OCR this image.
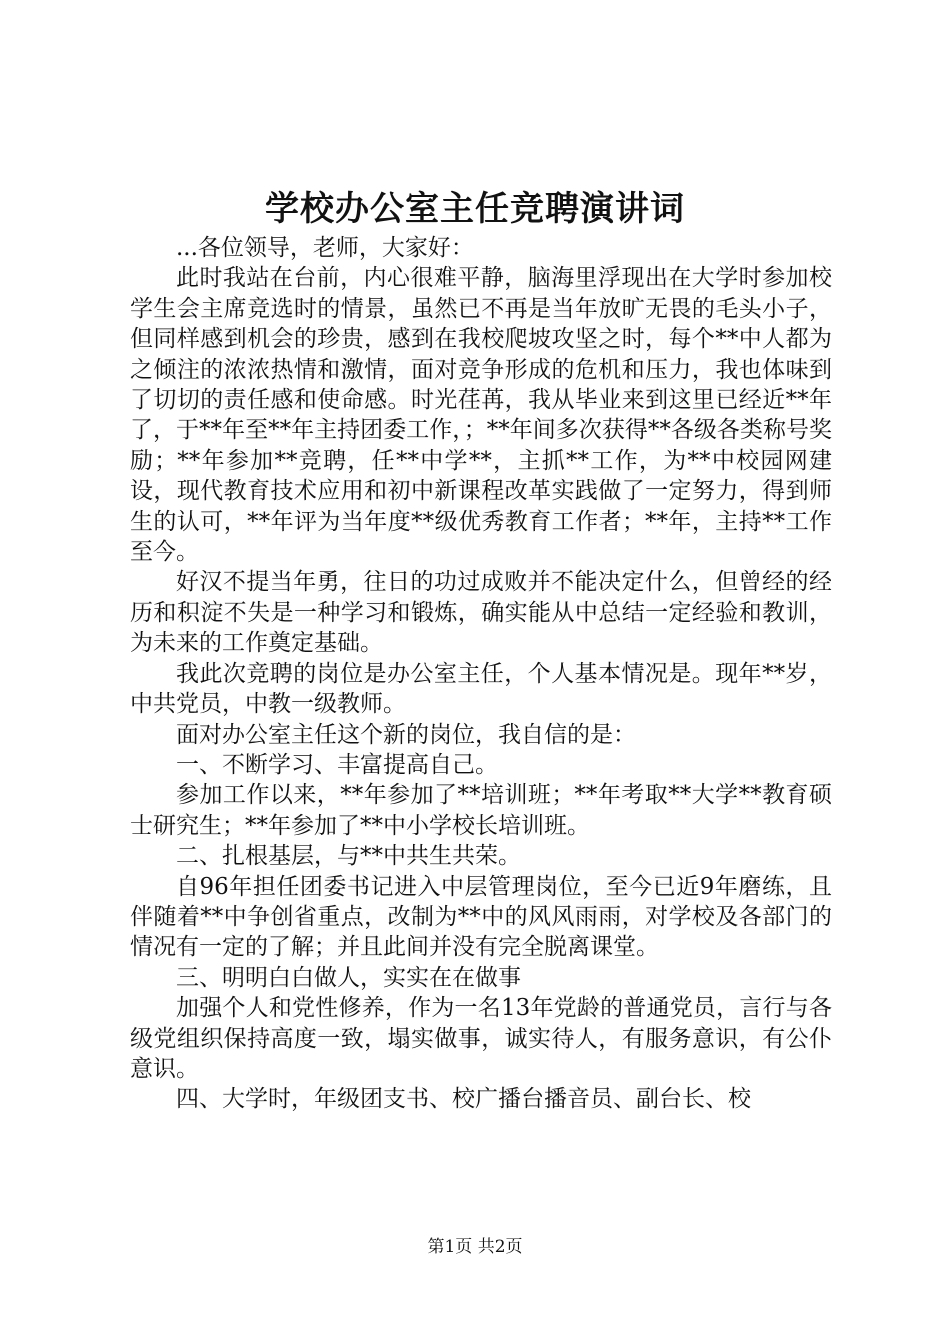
学校办公室主任竞聘演讲词

...各位领导，老师，大家好：

此时我站在台前，内心很难平静，脑海里浮现出在大学时参加校学生会主席竞选时的情景，虽然已不再是当年放旷无畏的毛头小子，但同样感到机会的珍贵，感到在我校爬坡攻坚之时，每个**中人都为之倾注的浓浓热情和激情，面对竞争形成的危机和压力，我也体味到了切切的责任感和使命感。时光荏苒，我从毕业来到这里已经近**年了，于**年至**年主持团委工作，；**年间多次获得**各级各类称号奖励；**年参加**竞聘，任**中学**，主抓**工作，为**中校园网建设，现代教育技术应用和初中新课程改革实践做了一定努力，得到师生的认可，**年评为当年度**级优秀教育工作者；**年，主持**工作至今。

好汉不提当年勇，往日的功过成败并不能决定什么，但曾经的经历和积淀不失是一种学习和锻炼，确实能从中总结一定经验和教训，为未来的工作奠定基础。

我此次竞聘的岗位是办公室主任，个人基本情况是。现年**岁，中共党员，中教一级教师。

面对办公室主任这个新的岗位，我自信的是：

一、不断学习、丰富提高自己。

参加工作以来，**年参加了**培训班；**年考取**大学**教育硕士研究生；**年参加了**中小学校长培训班。

二、扎根基层，与**中共生共荣。

自96年担任团委书记进入中层管理岗位，至今已近9年磨练，且伴随着**中争创省重点，改制为**中的风风雨雨，对学校及各部门的情况有一定的了解；并且此间并没有完全脱离课堂。

三、明明白白做人，实实在在做事

加强个人和党性修养，作为一名13年党龄的普通党员，言行与各级党组织保持高度一致，塌实做事，诚实待人，有服务意识，有公仆意识。

四、大学时，年级团支书、校广播台播音员、副台长、校

第1页 共2页
